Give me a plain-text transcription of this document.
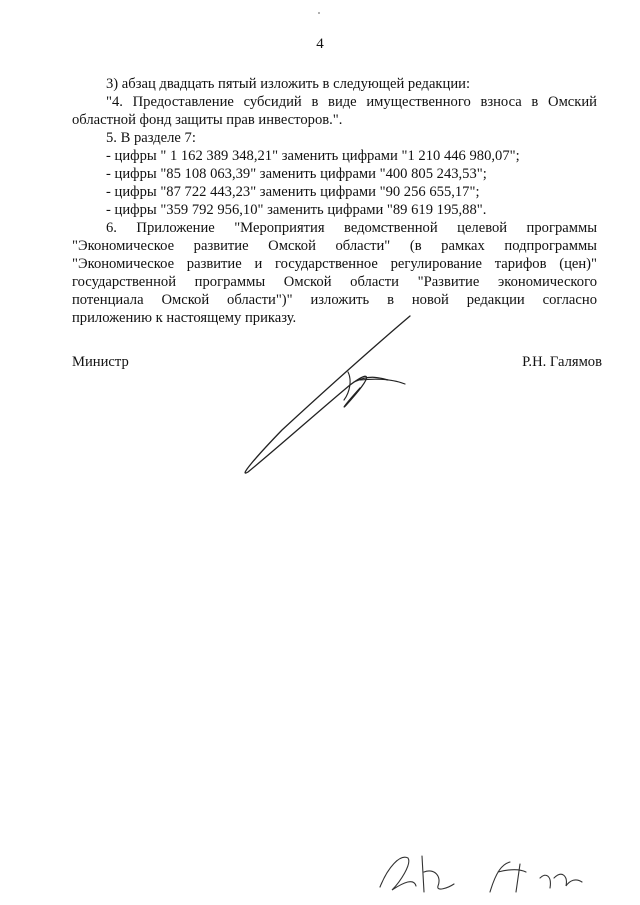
4
3) абзац двадцать пятый изложить в следующей редакции:
"4. Предоставление субсидий в виде имущественного взноса в Омский
областной фонд защиты прав инвесторов.".
5. В разделе 7:
- цифры " 1 162 389 348,21" заменить цифрами "1 210 446 980,07";
- цифры "85 108 063,39" заменить цифрами "400 805 243,53";
- цифры "87 722 443,23" заменить цифрами "90 256 655,17";
- цифры "359 792 956,10" заменить цифрами "89 619 195,88".
6. Приложение "Мероприятия ведомственной целевой программы
"Экономическое развитие Омской области" (в рамках подпрограммы
"Экономическое развитие и государственное регулирование тарифов (цен)"
государственной программы Омской области "Развитие экономического
потенциала Омской области")" изложить в новой редакции согласно
приложению к настоящему приказу.
Министр	Р.Н. Галямов
